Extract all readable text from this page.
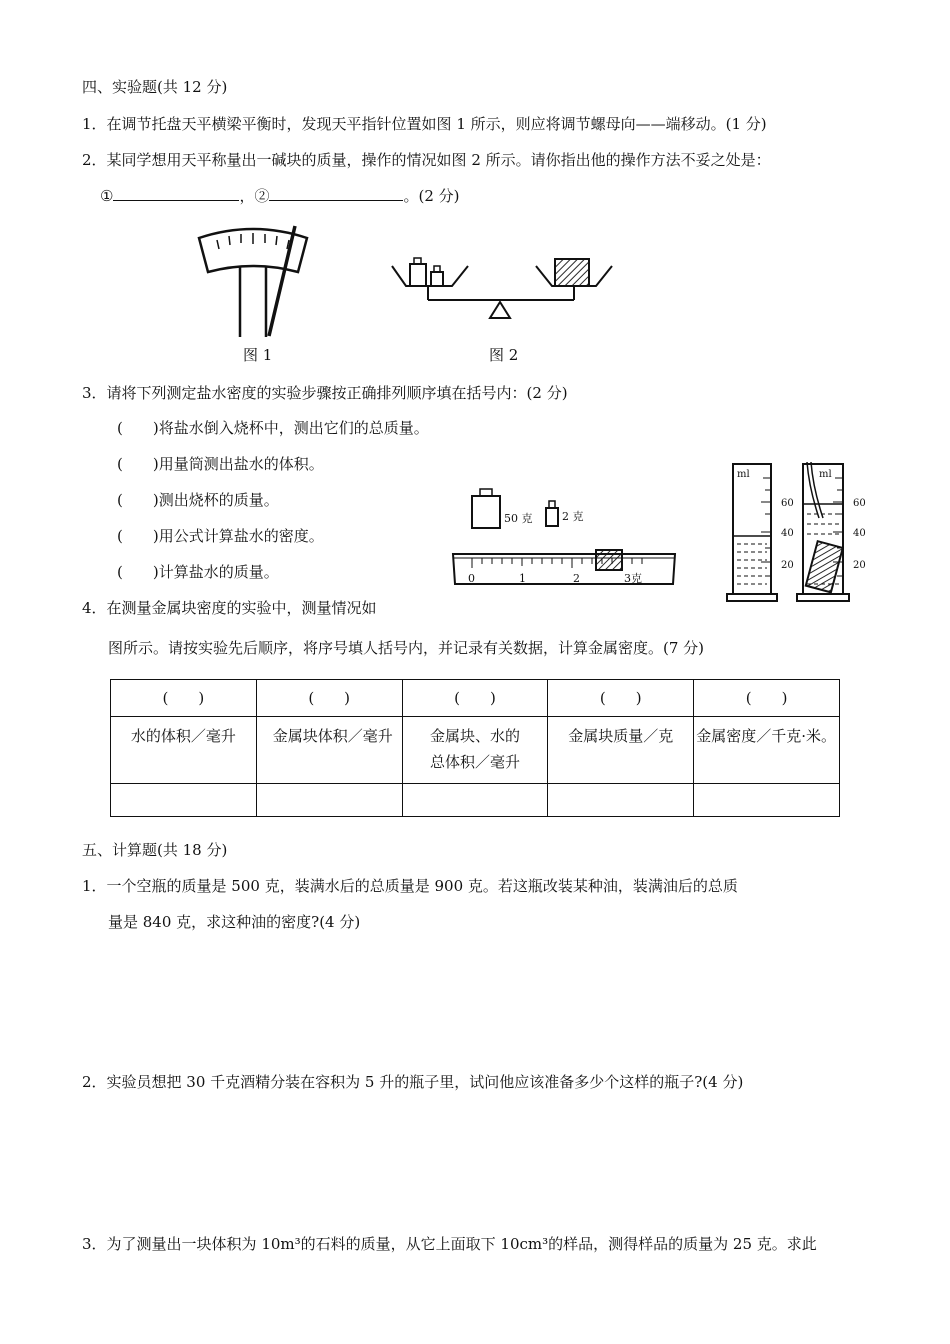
四、实验题(共 12 分)
1．在调节托盘天平横梁平衡时，发现天平指针位置如图 1 所示，则应将调节螺母向——端移动。(1 分)
2．某同学想用天平称量出一碱块的质量，操作的情况如图 2 所示。请你指出他的操作方法不妥之处是：
①	，②	。(2 分)
图 1	图 2
3．请将下列测定盐水密度的实验步骤按正确排列顺序填在括号内：(2 分)
(　　)将盐水倒入烧杯中，测出它们的总质量。
(　　)用量筒测出盐水的体积。
(　　)测出烧杯的质量。
(　　)用公式计算盐水的密度。
(　　)计算盐水的质量。
50 克	2 克
0	1	2	3克
ml
60
40
20
ml
60
40
20
4．在测量金属块密度的实验中，测量情况如
图所示。请按实验先后顺序，将序号填人括号内，并记录有关数据，计算金属密度。(7 分)
(　　)	(　　)	(　　)	(　　)	(　　)
水的体积／毫升	金属块体积／毫升	金属块、水的总体积／毫升	金属块质量／克	金属密度／千克·米。

五、计算题(共 18 分)
1．一个空瓶的质量是 500 克，装满水后的总质量是 900 克。若这瓶改装某种油，装满油后的总质
量是 840 克，求这种油的密度?(4 分)
2．实验员想把 30 千克酒精分装在容积为 5 升的瓶子里，试问他应该准备多少个这样的瓶子?(4 分)
3．为了测量出一块体积为 10m³的石料的质量，从它上面取下 10cm³的样品，测得样品的质量为 25 克。求此
